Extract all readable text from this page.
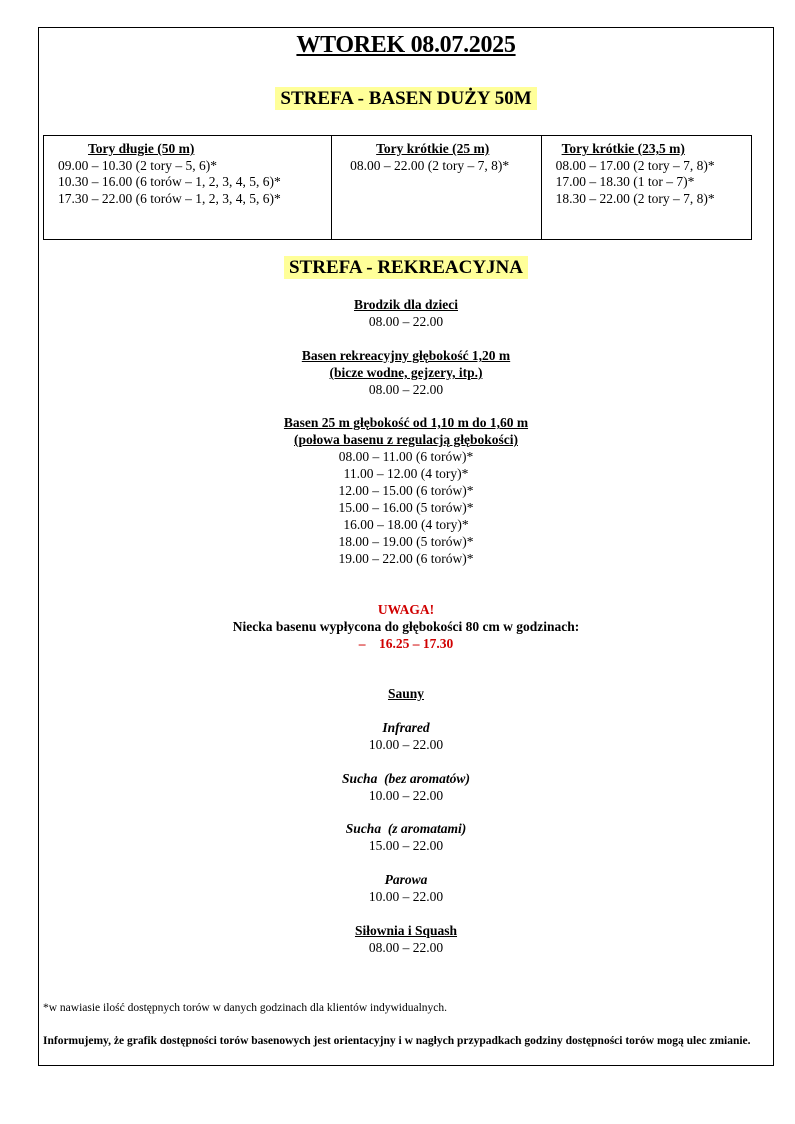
WTOREK 08.07.2025
STREFA - BASEN DUŻY 50M
Tory długie (50 m)
09.00 – 10.30 (2 tory – 5, 6)*
10.30 – 16.00 (6 torów – 1, 2, 3, 4, 5, 6)*
17.30 – 22.00 (6 torów – 1, 2, 3, 4, 5, 6)*
Tory krótkie (25 m)
08.00 – 22.00 (2 tory – 7, 8)*
Tory krótkie (23,5 m)
08.00 – 17.00 (2 tory – 7, 8)*
17.00 – 18.30 (1 tor – 7)*
18.30 – 22.00 (2 tory – 7, 8)*
STREFA - REKREACYJNA
Brodzik dla dzieci
08.00 – 22.00
Basen rekreacyjny głębokość 1,20 m
(bicze wodne, gejzery, itp.)
08.00 – 22.00
Basen 25 m głębokość od 1,10 m do 1,60 m
(połowa basenu z regulacją głębokości)
08.00 – 11.00 (6 torów)*
11.00 – 12.00 (4 tory)*
12.00 – 15.00 (6 torów)*
15.00 – 16.00 (5 torów)*
16.00 – 18.00 (4 tory)*
18.00 – 19.00 (5 torów)*
19.00 – 22.00 (6 torów)*
UWAGA!
Niecka basenu wypłycona do głębokości 80 cm w godzinach:
–    16.25 – 17.30
Sauny
Infrared
10.00 – 22.00
Sucha  (bez aromatów)
10.00 – 22.00
Sucha  (z aromatami)
15.00 – 22.00
Parowa
10.00 – 22.00
Siłownia i Squash
08.00 – 22.00
*w nawiasie ilość dostępnych torów w danych godzinach dla klientów indywidualnych.
Informujemy, że grafik dostępności torów basenowych jest orientacyjny i w nagłych przypadkach godziny dostępności torów mogą ulec zmianie.
